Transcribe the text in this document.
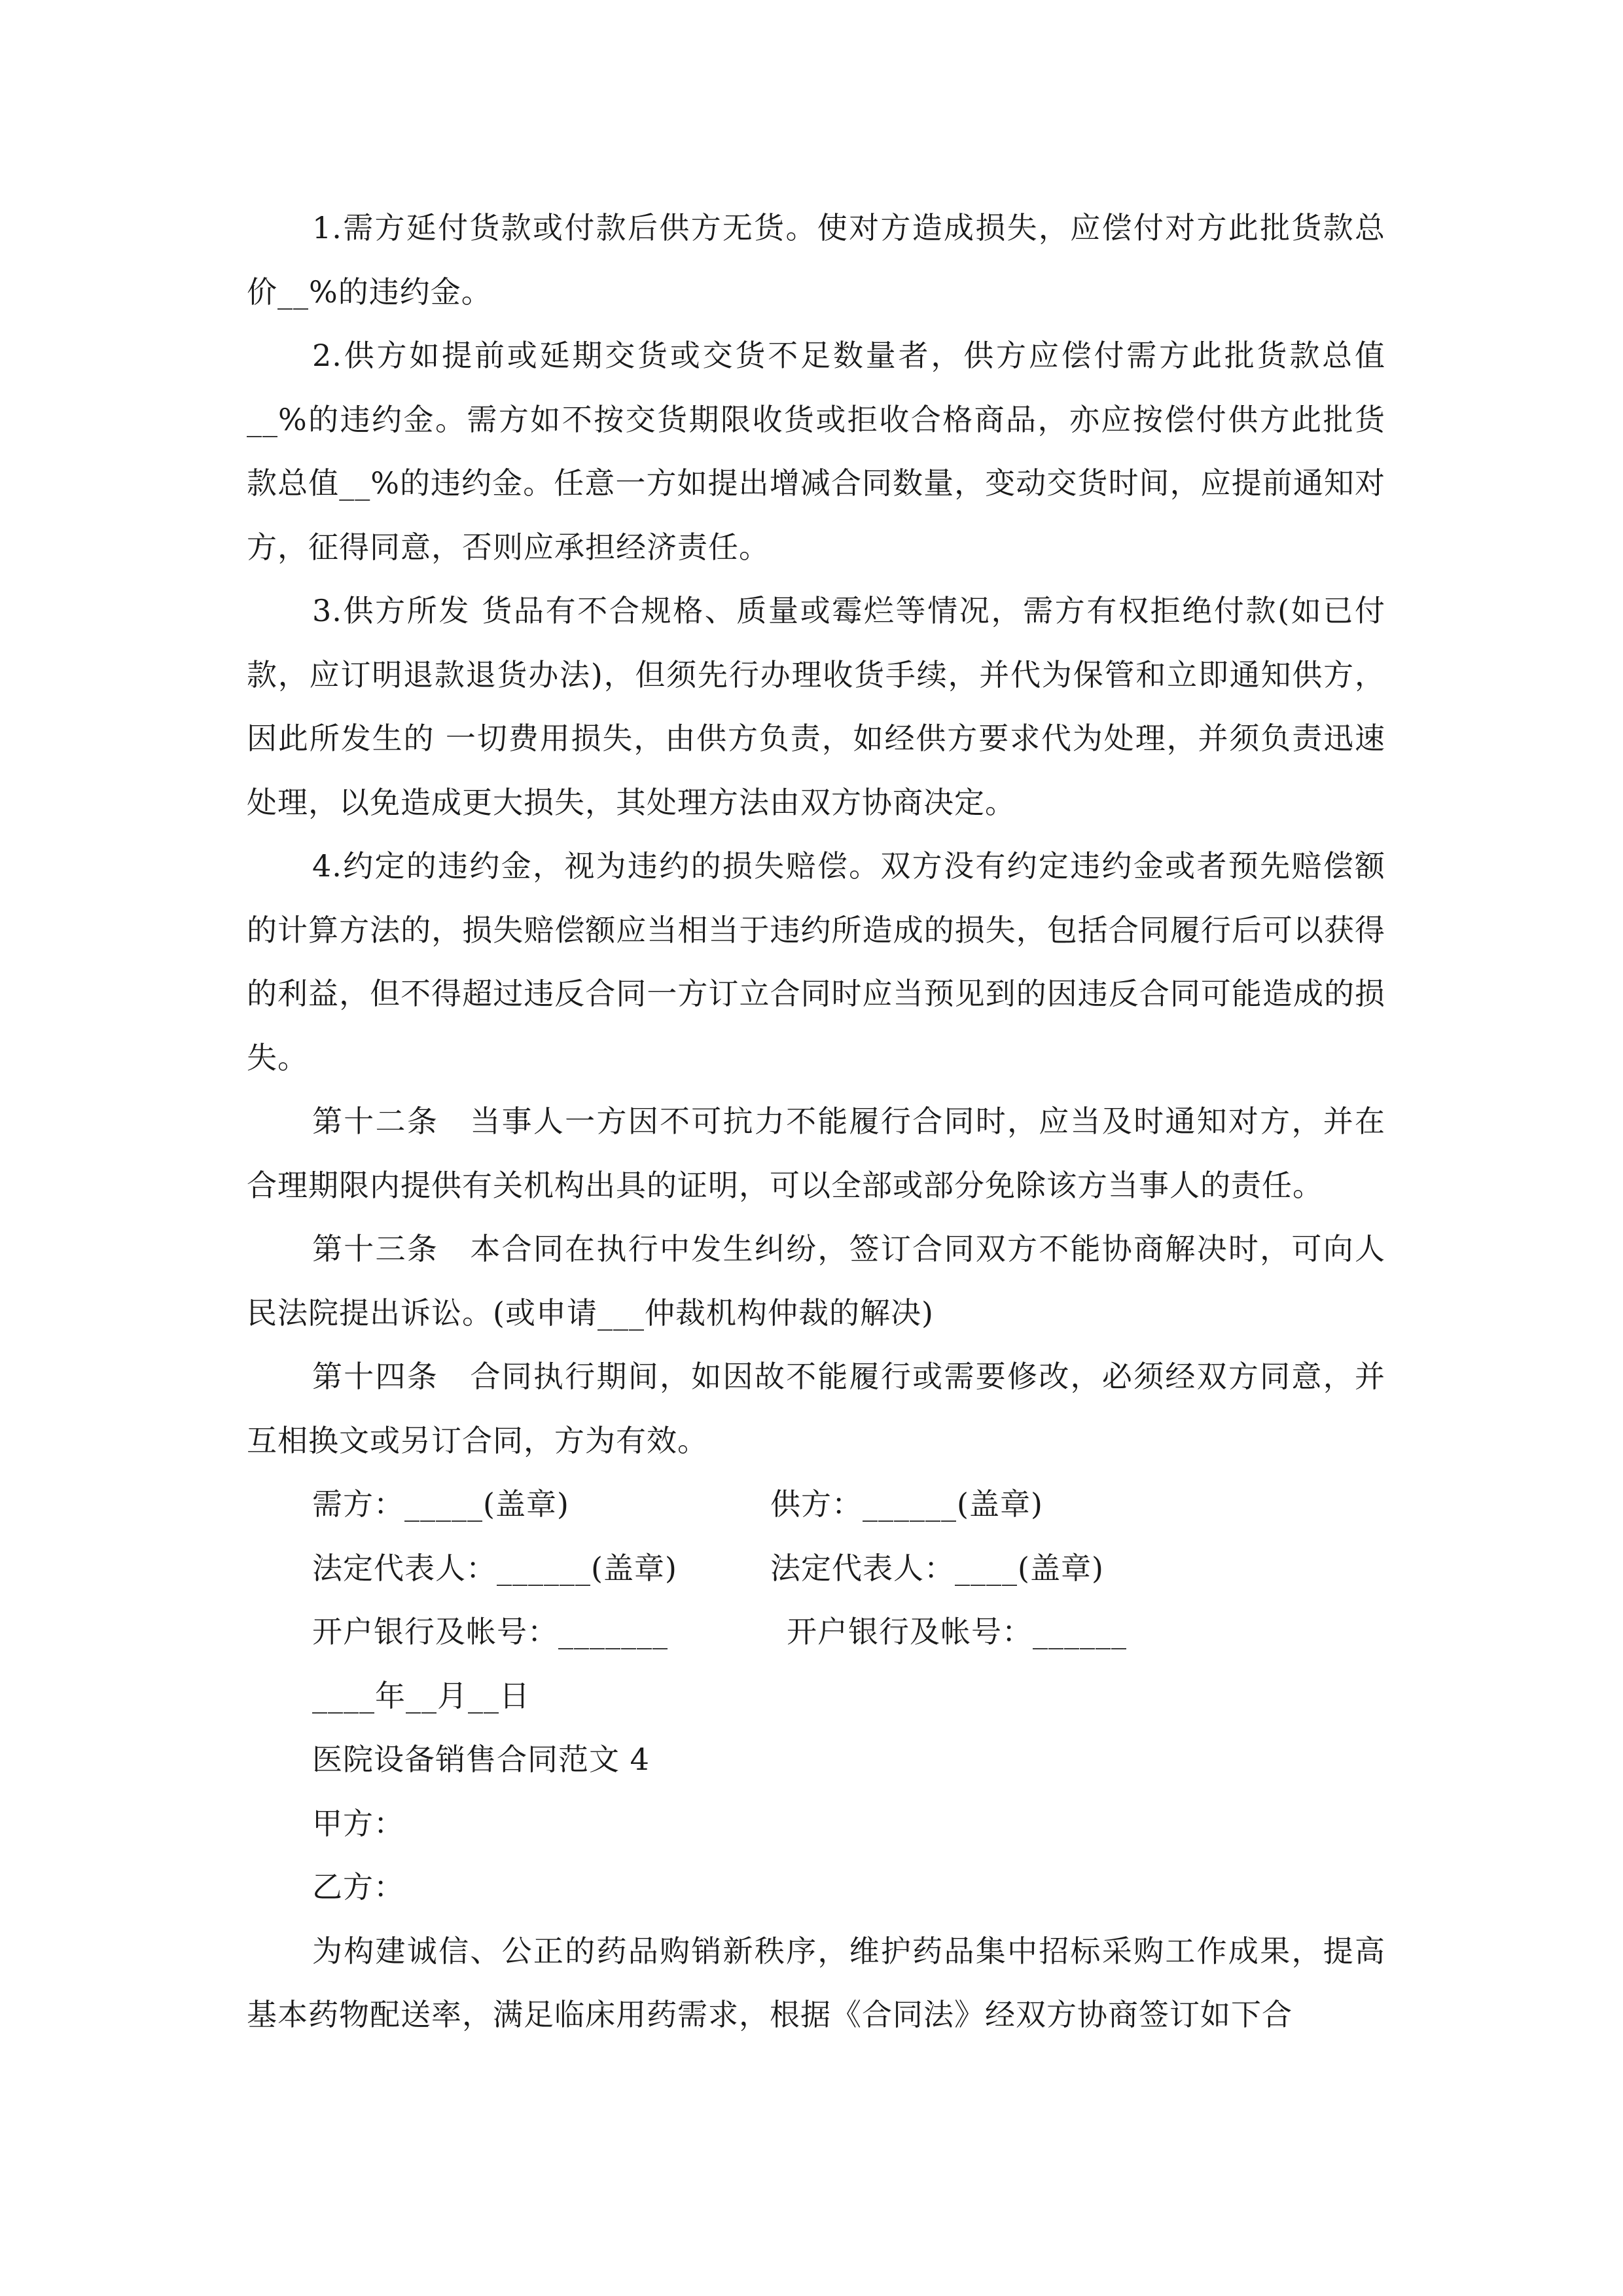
1.需方延付货款或付款后供方无货。使对方造成损失，应偿付对方此批货款总价__%的违约金。

2.供方如提前或延期交货或交货不足数量者，供方应偿付需方此批货款总值__%的违约金。需方如不按交货期限收货或拒收合格商品，亦应按偿付供方此批货 款总值__%的违约金。任意一方如提出增减合同数量，变动交货时间，应提前通知对方，征得同意，否则应承担经济责任。

3.供方所发 货品有不合规格、质量或霉烂等情况，需方有权拒绝付款(如已付款，应订明退款退货办法)，但须先行办理收货手续，并代为保管和立即通知供方，因此所发生的 一切费用损失，由供方负责，如经供方要求代为处理，并须负责迅速处理，以免造成更大损失，其处理方法由双方协商决定。

4.约定的违约金，视为违约的损失赔偿。双方没有约定违约金或者预先赔偿额的计算方法的，损失赔偿额应当相当于违约所造成的损失，包括合同履行后可以获得的利益，但不得超过违反合同一方订立合同时应当预见到的因违反合同可能造成的损失。

第十二条　当事人一方因不可抗力不能履行合同时，应当及时通知对方，并在合理期限内提供有关机构出具的证明，可以全部或部分免除该方当事人的责任。

第十三条　本合同在执行中发生纠纷，签订合同双方不能协商解决时，可向人民法院提出诉讼。(或申请___仲裁机构仲裁的解决)

第十四条　合同执行期间，如因故不能履行或需要修改，必须经双方同意，并互相换文或另订合同，方为有效。

需方：_____(盖章)	供方：______(盖章)
法定代表人：______(盖章)	法定代表人：____(盖章)
开户银行及帐号：_______	开户银行及帐号：______

____年__月__日

医院设备销售合同范文 4

甲方：

乙方：

为构建诚信、公正的药品购销新秩序，维护药品集中招标采购工作成果，提高基本药物配送率，满足临床用药需求，根据《合同法》经双方协商签订如下合
